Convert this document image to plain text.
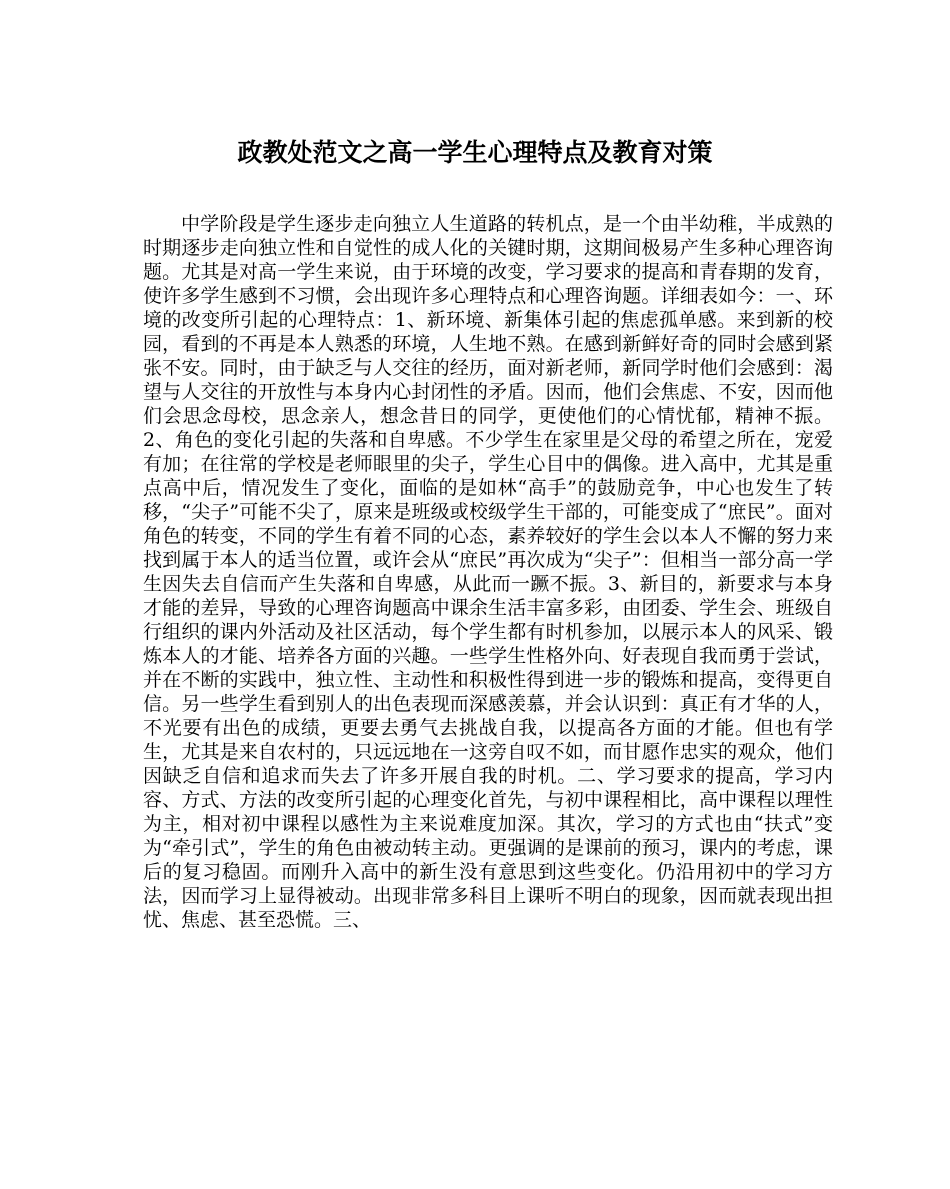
政教处范文之高一学生心理特点及教育对策

中学阶段是学生逐步走向独立人生道路的转机点，是一个由半幼稚，半成熟的时期逐步走向独立性和自觉性的成人化的关键时期，这期间极易产生多种心理咨询题。尤其是对高一学生来说，由于环境的改变，学习要求的提高和青春期的发育，使许多学生感到不习惯，会出现许多心理特点和心理咨询题。详细表如今：一、环境的改变所引起的心理特点：1、新环境、新集体引起的焦虑孤单感。来到新的校园，看到的不再是本人熟悉的环境，人生地不熟。在感到新鲜好奇的同时会感到紧张不安。同时，由于缺乏与人交往的经历，面对新老师，新同学时他们会感到：渴望与人交往的开放性与本身内心封闭性的矛盾。因而，他们会焦虑、不安，因而他们会思念母校，思念亲人，想念昔日的同学，更使他们的心情忧郁，精神不振。2、角色的变化引起的失落和自卑感。不少学生在家里是父母的希望之所在，宠爱有加；在往常的学校是老师眼里的尖子，学生心目中的偶像。进入高中，尤其是重点高中后，情况发生了变化，面临的是如林“高手”的鼓励竞争，中心也发生了转移，“尖子”可能不尖了，原来是班级或校级学生干部的，可能变成了“庶民”。面对角色的转变，不同的学生有着不同的心态，素养较好的学生会以本人不懈的努力来找到属于本人的适当位置，或许会从“庶民”再次成为“尖子”：但相当一部分高一学生因失去自信而产生失落和自卑感，从此而一蹶不振。3、新目的，新要求与本身才能的差异，导致的心理咨询题高中课余生活丰富多彩，由团委、学生会、班级自行组织的课内外活动及社区活动，每个学生都有时机参加，以展示本人的风采、锻炼本人的才能、培养各方面的兴趣。一些学生性格外向、好表现自我而勇于尝试，并在不断的实践中，独立性、主动性和积极性得到进一步的锻炼和提高，变得更自信。另一些学生看到别人的出色表现而深感羡慕，并会认识到：真正有才华的人，不光要有出色的成绩，更要去勇气去挑战自我，以提高各方面的才能。但也有学生，尤其是来自农村的，只远远地在一这旁自叹不如，而甘愿作忠实的观众，他们因缺乏自信和追求而失去了许多开展自我的时机。二、学习要求的提高，学习内容、方式、方法的改变所引起的心理变化首先，与初中课程相比，高中课程以理性为主，相对初中课程以感性为主来说难度加深。其次，学习的方式也由“扶式”变为“牵引式”，学生的角色由被动转主动。更强调的是课前的预习，课内的考虑，课后的复习稳固。而刚升入高中的新生没有意思到这些变化。仍沿用初中的学习方法，因而学习上显得被动。出现非常多科目上课听不明白的现象，因而就表现出担忧、焦虑、甚至恐慌。三、
